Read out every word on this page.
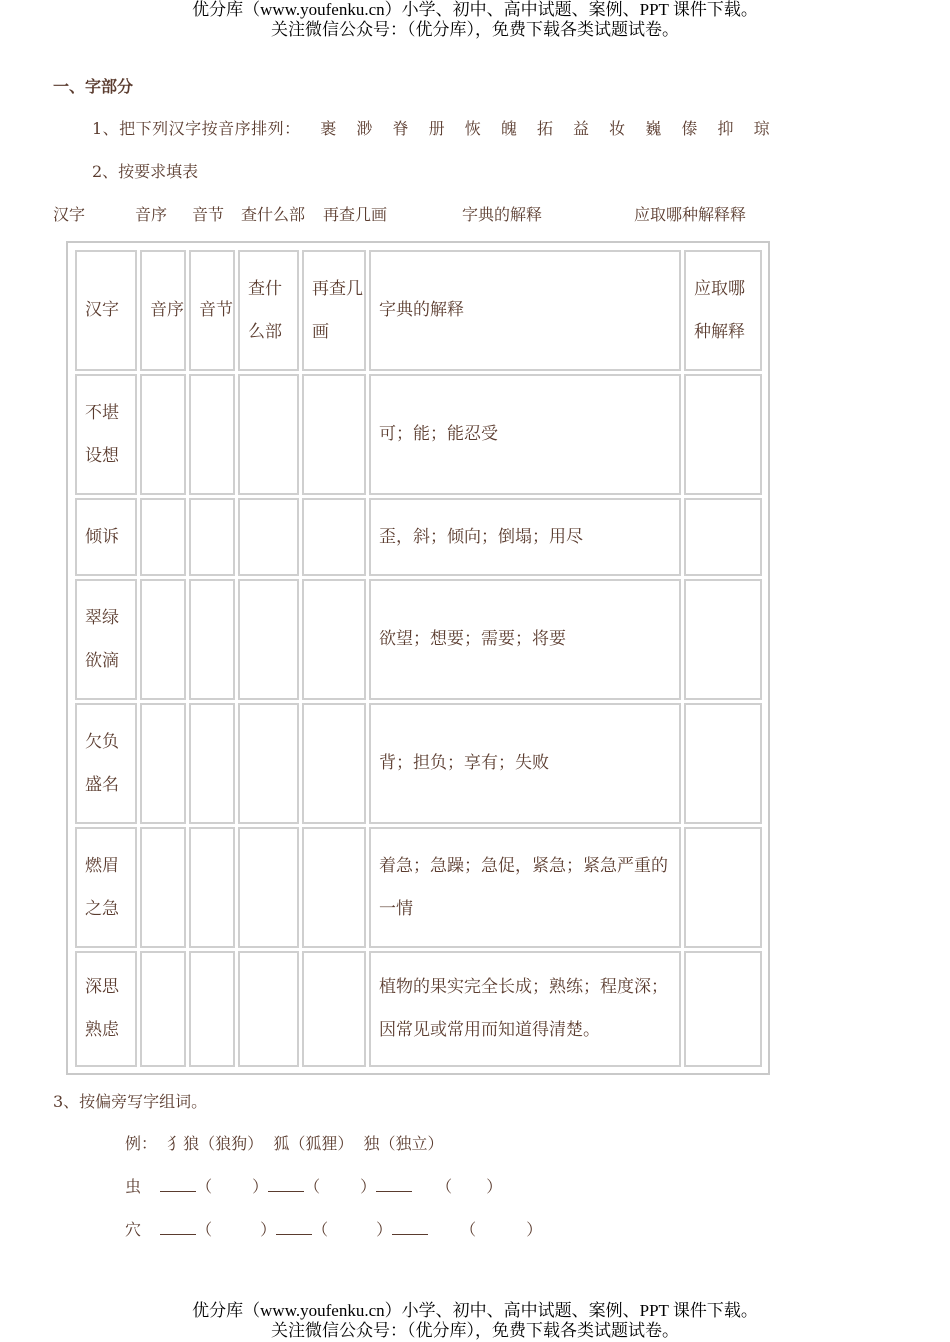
优分库（www.youfenku.cn）小学、初中、高中试题、案例、PPT 课件下载。

关注微信公众号：（优分库），免费下载各类试题试卷。
一、字部分
1、把下列汉字按音序排列： 裹 渺 脊 册 恢 魄 拓 益 妆 巍 傣 抑 琼
2、按要求填表
汉字	音序 音节 查什么部 再查几画	字典的解释	应取哪种解释释
汉字	音序	音节	查什么部	再查几画	字典的解释	应取哪种解释
不堪设想					可；能；能忍受	
倾诉					歪，斜；倾向；倒塌；用尽	
翠绿欲滴					欲望；想要；需要；将要	
欠负盛名					背；担负；享有；失败	
燃眉之急					着急；急躁；急促，紧急；紧急严重的一情	
深思熟虑					植物的果实完全长成；熟练；程度深；因常见或常用而知道得清楚。	
3、按偏旁写字组词。
例：  犭狼（狼狗）  狐（狐狸）  独（独立）
虫	（	） （	）	（ ）
穴	（	） （	）	（	）
优分库（www.youfenku.cn）小学、初中、高中试题、案例、PPT 课件下载。

关注微信公众号：（优分库），免费下载各类试题试卷。
